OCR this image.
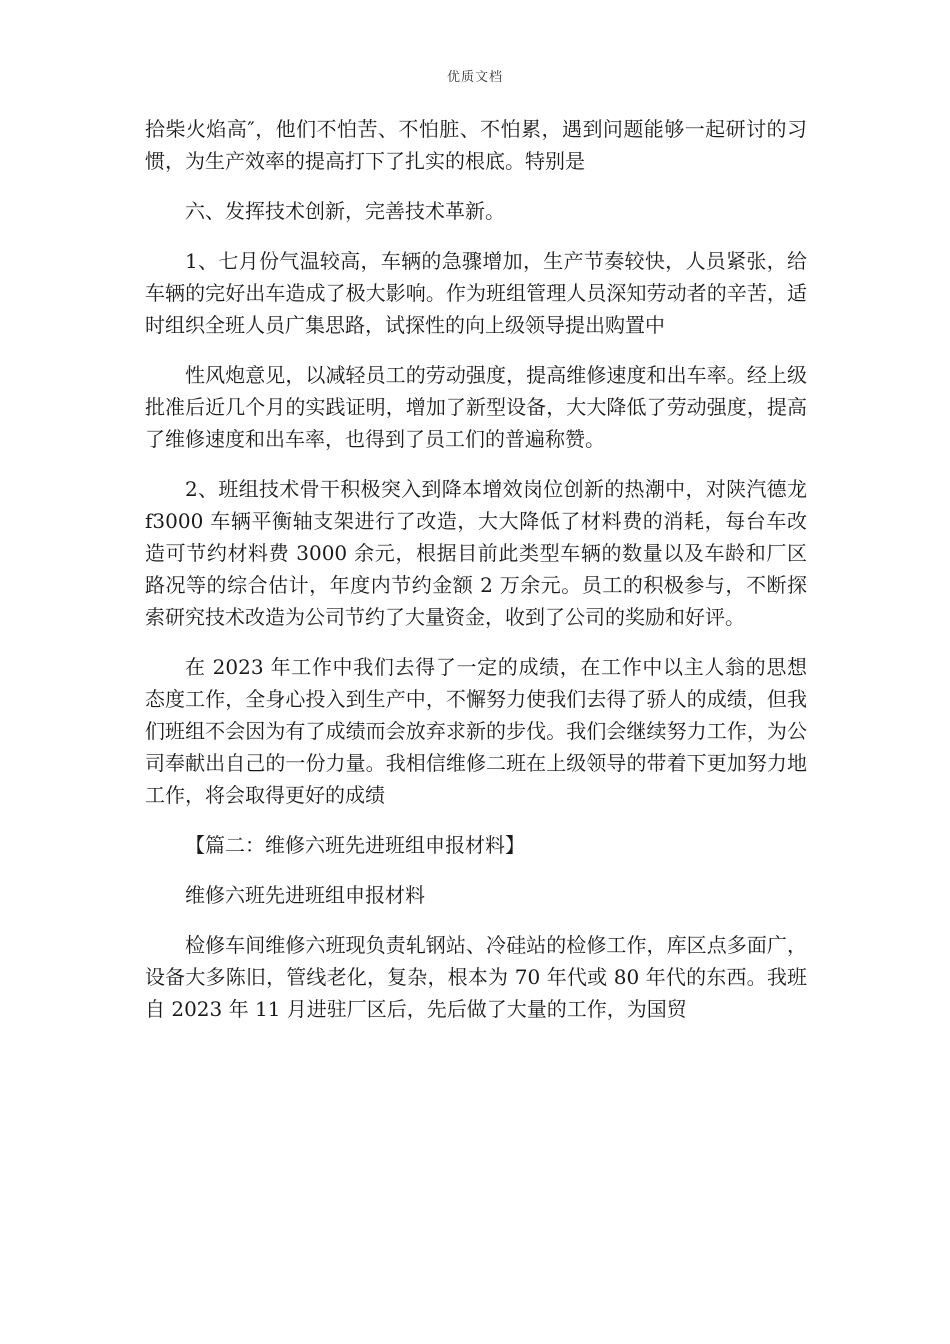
优质文档

拾柴火焰高″，他们不怕苦、不怕脏、不怕累，遇到问题能够一起研讨的习惯，为生产效率的提高打下了扎实的根底。特别是

六、发挥技术创新，完善技术革新。

1、七月份气温较高，车辆的急骤增加，生产节奏较快，人员紧张，给车辆的完好出车造成了极大影响。作为班组管理人员深知劳动者的辛苦，适时组织全班人员广集思路，试探性的向上级领导提出购置中

性风炮意见，以减轻员工的劳动强度，提高维修速度和出车率。经上级批准后近几个月的实践证明，增加了新型设备，大大降低了劳动强度，提高了维修速度和出车率，也得到了员工们的普遍称赞。

2、班组技术骨干积极突入到降本增效岗位创新的热潮中，对陕汽德龙 f3000 车辆平衡轴支架进行了改造，大大降低了材料费的消耗，每台车改造可节约材料费 3000 余元，根据目前此类型车辆的数量以及车龄和厂区路况等的综合估计，年度内节约金额 2 万余元。员工的积极参与，不断探索研究技术改造为公司节约了大量资金，收到了公司的奖励和好评。

在 2023 年工作中我们去得了一定的成绩，在工作中以主人翁的思想态度工作，全身心投入到生产中，不懈努力使我们去得了骄人的成绩，但我们班组不会因为有了成绩而会放弃求新的步伐。我们会继续努力工作，为公司奉献出自己的一份力量。我相信维修二班在上级领导的带着下更加努力地工作，将会取得更好的成绩

【篇二：维修六班先进班组申报材料】

维修六班先进班组申报材料

检修车间维修六班现负责轧钢站、冷硅站的检修工作，库区点多面广，设备大多陈旧，管线老化，复杂，根本为 70 年代或 80 年代的东西。我班自 2023 年 11 月进驻厂区后，先后做了大量的工作，为国贸
